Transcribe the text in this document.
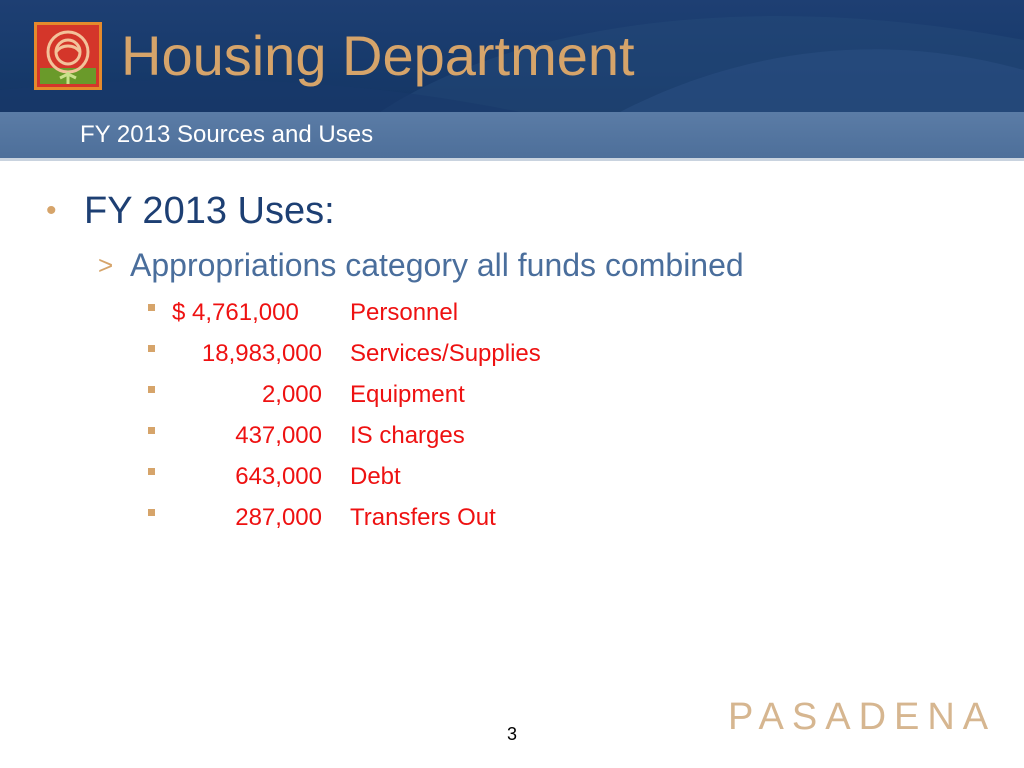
Housing Department
FY 2013 Sources and Uses
• FY 2013 Uses:
> Appropriations category all funds combined
$ 4,761,000	Personnel
18,983,000 Services/Supplies
2,000 Equipment
437,000 IS charges
643,000 Debt
287,000 Transfers Out
3	PASADENA
